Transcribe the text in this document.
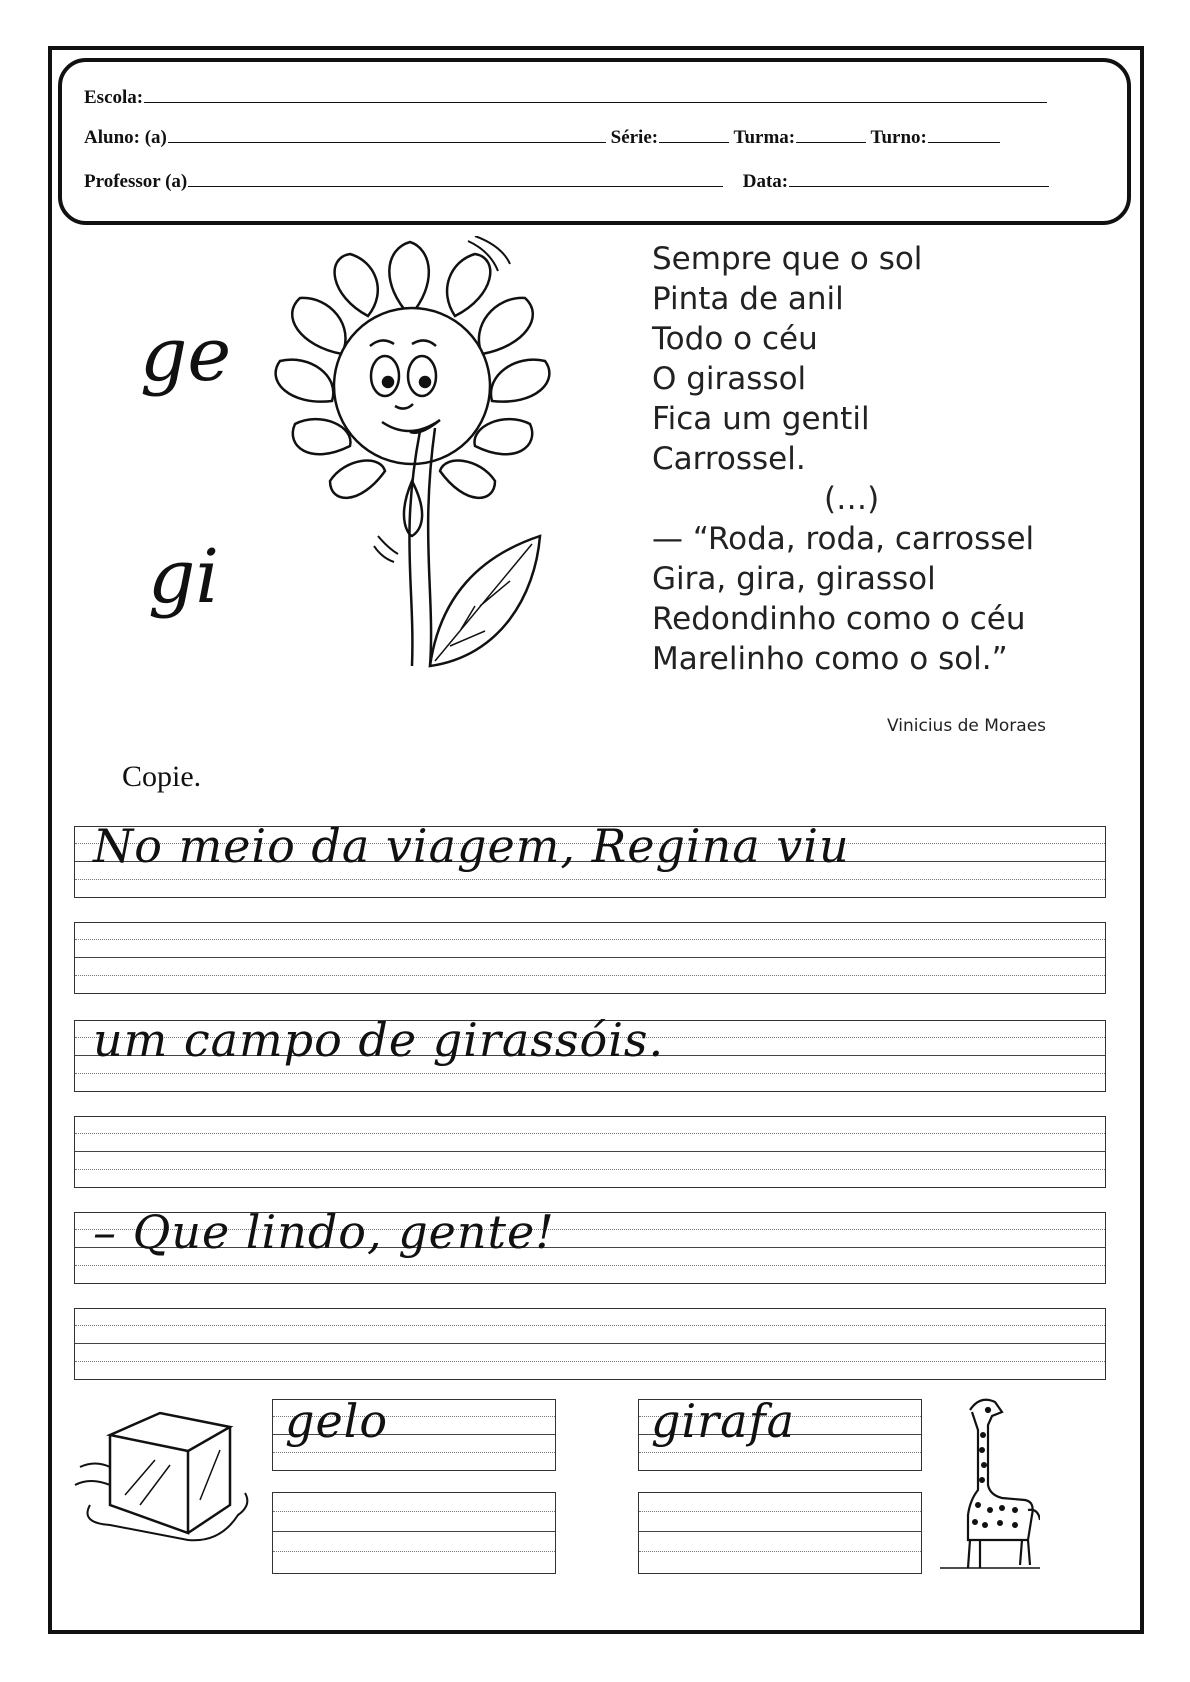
Escola:
Aluno: (a)	Série:	Turma:	Turno:
Professor (a)	Data:
ge
gi
Sempre que o sol
Pinta de anil
Todo o céu
O girassol
Fica um gentil
Carrossel.
(…)
— “Roda, roda, carrossel
Gira, gira, girassol
Redondinho como o céu
Marelinho como o sol.”
Vinicius de Moraes
Copie.
No meio da viagem, Regina viu
um campo de girassóis.
– Que lindo, gente!
gelo	girafa
